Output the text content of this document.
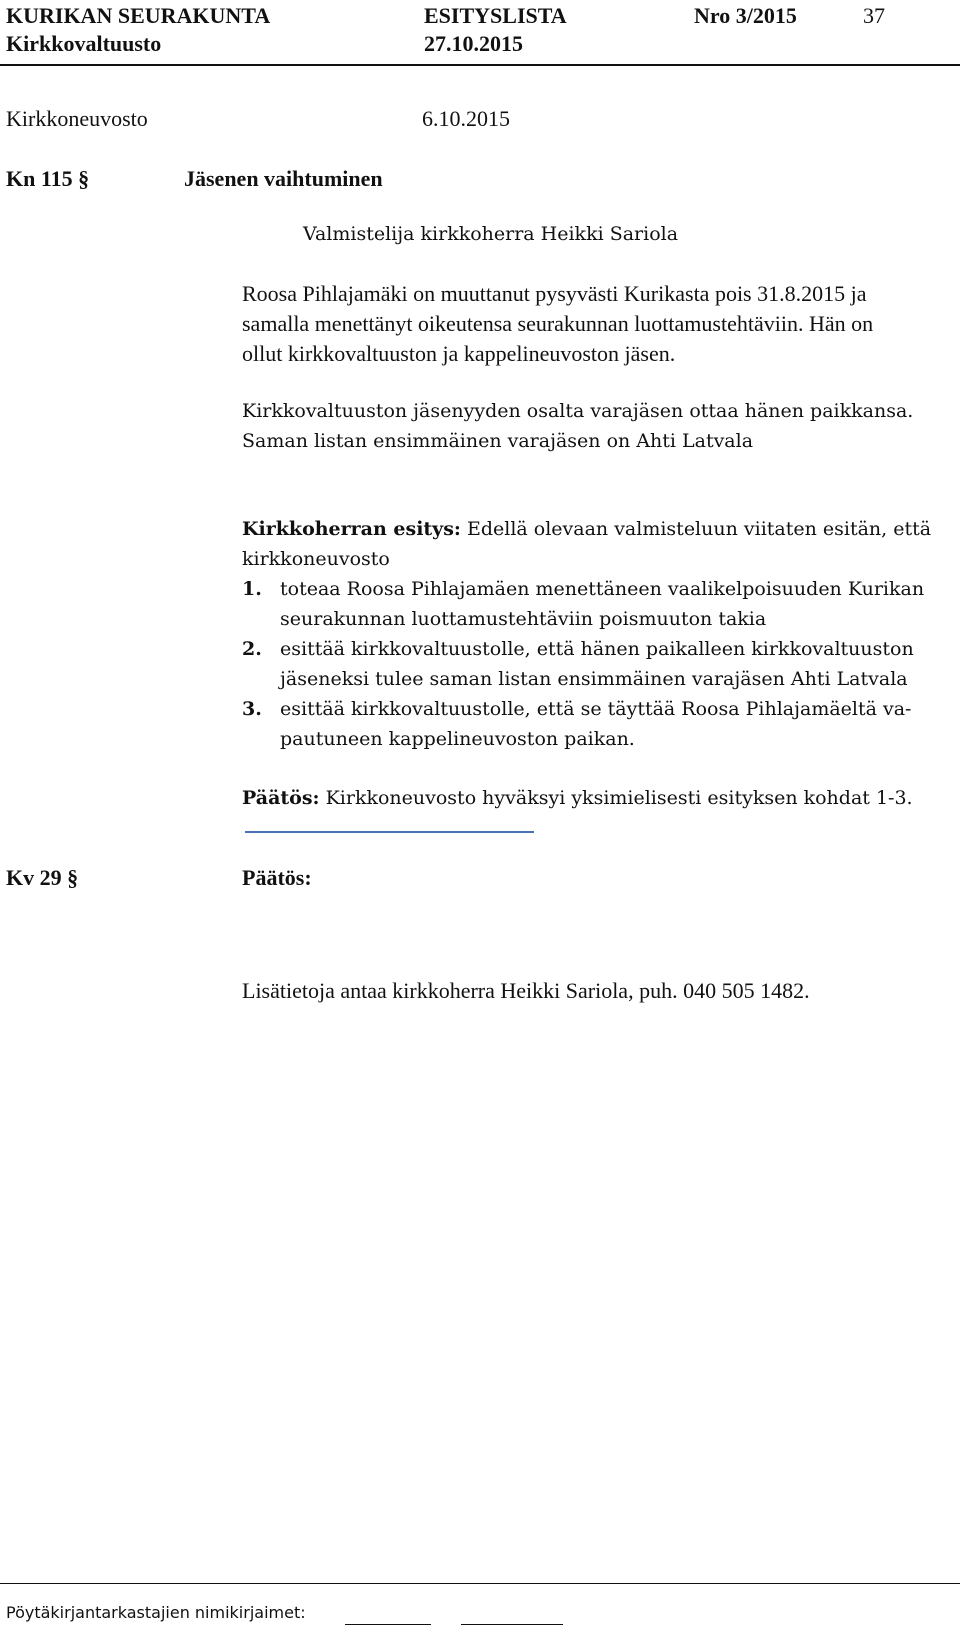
KURIKAN SEURAKUNTA	ESITYSLISTA	Nro 3/2015	37
Kirkkovaltuusto	27.10.2015
Kirkkoneuvosto	6.10.2015
Kn 115 §	Jäsenen vaihtuminen
Valmistelija kirkkoherra Heikki Sariola
Roosa Pihlajamäki on muuttanut pysyvästi Kurikasta pois 31.8.2015 ja
samalla menettänyt oikeutensa seurakunnan luottamustehtäviin. Hän on
ollut kirkkovaltuuston ja kappelineuvoston jäsen.
Kirkkovaltuuston jäsenyyden osalta varajäsen ottaa hänen paikkansa.
Saman listan ensimmäinen varajäsen on Ahti Latvala
Kirkkoherran esitys: Edellä olevaan valmisteluun viitaten esitän, että
kirkkoneuvosto
1. toteaa Roosa Pihlajamäen menettäneen vaalikelpoisuuden Kurikan
seurakunnan luottamustehtäviin poismuuton takia
2. esittää kirkkovaltuustolle, että hänen paikalleen kirkkovaltuuston
jäseneksi tulee saman listan ensimmäinen varajäsen Ahti Latvala
3. esittää kirkkovaltuustolle, että se täyttää Roosa Pihlajamäeltä va-
pautuneen kappelineuvoston paikan.
Päätös: Kirkkoneuvosto hyväksyi yksimielisesti esityksen kohdat 1-3.
Kv 29 §	Päätös:
Lisätietoja antaa kirkkoherra Heikki Sariola, puh. 040 505 1482.
Pöytäkirjantarkastajien nimikirjaimet:
